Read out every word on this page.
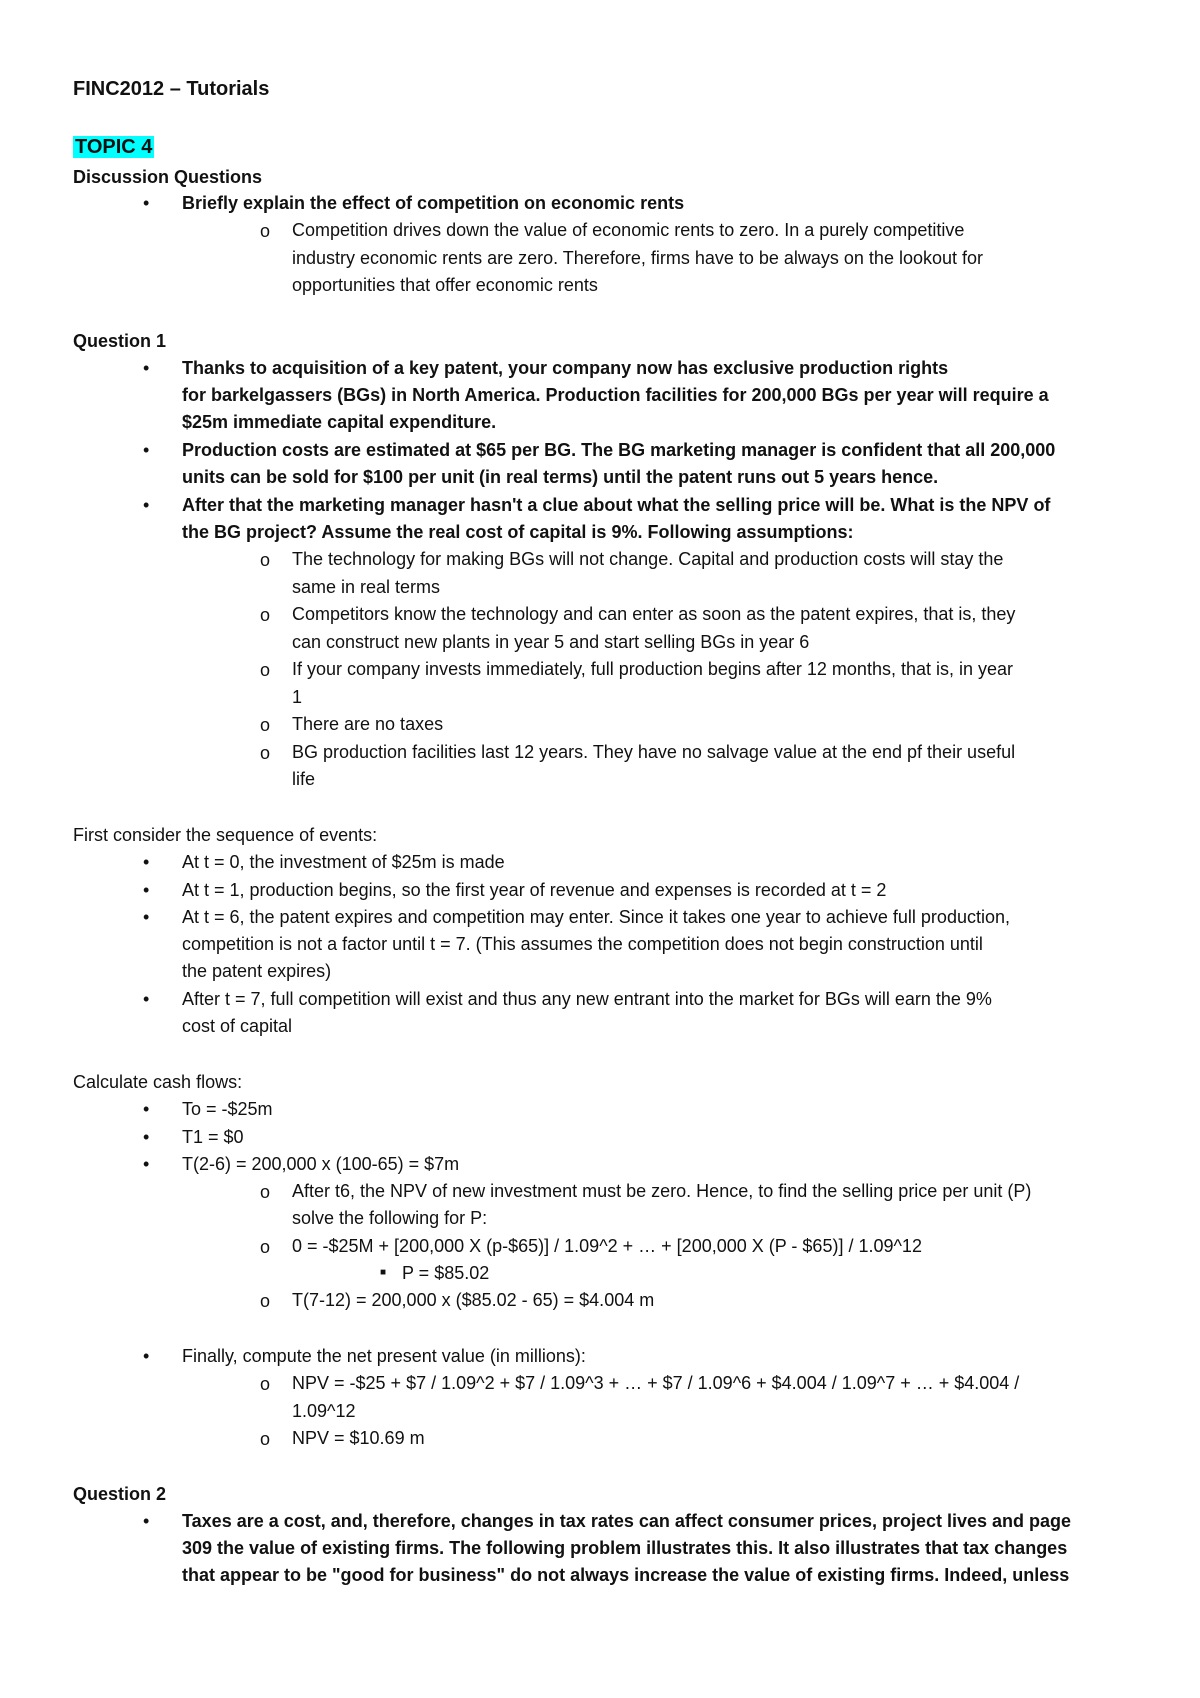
FINC2012 – Tutorials
TOPIC 4
Discussion Questions
• Briefly explain the effect of competition on economic rents
o Competition drives down the value of economic rents to zero. In a purely competitive
industry economic rents are zero. Therefore, firms have to be always on the lookout for
opportunities that offer economic rents
Question 1
• Thanks to acquisition of a key patent, your company now has exclusive production rights
for barkelgassers (BGs) in North America. Production facilities for 200,000 BGs per year will require a
$25m immediate capital expenditure.
• Production costs are estimated at $65 per BG. The BG marketing manager is confident that all 200,000
units can be sold for $100 per unit (in real terms) until the patent runs out 5 years hence.
• After that the marketing manager hasn't a clue about what the selling price will be. What is the NPV of
the BG project? Assume the real cost of capital is 9%. Following assumptions:
o The technology for making BGs will not change. Capital and production costs will stay the
same in real terms
o Competitors know the technology and can enter as soon as the patent expires, that is, they
can construct new plants in year 5 and start selling BGs in year 6
o If your company invests immediately, full production begins after 12 months, that is, in year
1
o There are no taxes
o BG production facilities last 12 years. They have no salvage value at the end pf their useful
life
First consider the sequence of events:
• At t = 0, the investment of $25m is made
• At t = 1, production begins, so the first year of revenue and expenses is recorded at t = 2
• At t = 6, the patent expires and competition may enter. Since it takes one year to achieve full production,
competition is not a factor until t = 7. (This assumes the competition does not begin construction until
the patent expires)
• After t = 7, full competition will exist and thus any new entrant into the market for BGs will earn the 9%
cost of capital
Calculate cash flows:
• To = -$25m
• T1 = $0
• T(2-6) = 200,000 x (100-65) = $7m
o After t6, the NPV of new investment must be zero. Hence, to find the selling price per unit (P)
solve the following for P:
o 0 = -$25M + [200,000 X (p-$65)] / 1.09^2 + … + [200,000 X (P - $65)] / 1.09^12
■ P = $85.02
o T(7-12) = 200,000 x ($85.02 - 65) = $4.004 m
• Finally, compute the net present value (in millions):
o NPV = -$25 + $7 / 1.09^2 + $7 / 1.09^3 + … + $7 / 1.09^6 + $4.004 / 1.09^7 + … + $4.004 /
1.09^12
o NPV = $10.69 m
Question 2
• Taxes are a cost, and, therefore, changes in tax rates can affect consumer prices, project lives and page
309 the value of existing firms. The following problem illustrates this. It also illustrates that tax changes
that appear to be "good for business" do not always increase the value of existing firms. Indeed, unless
